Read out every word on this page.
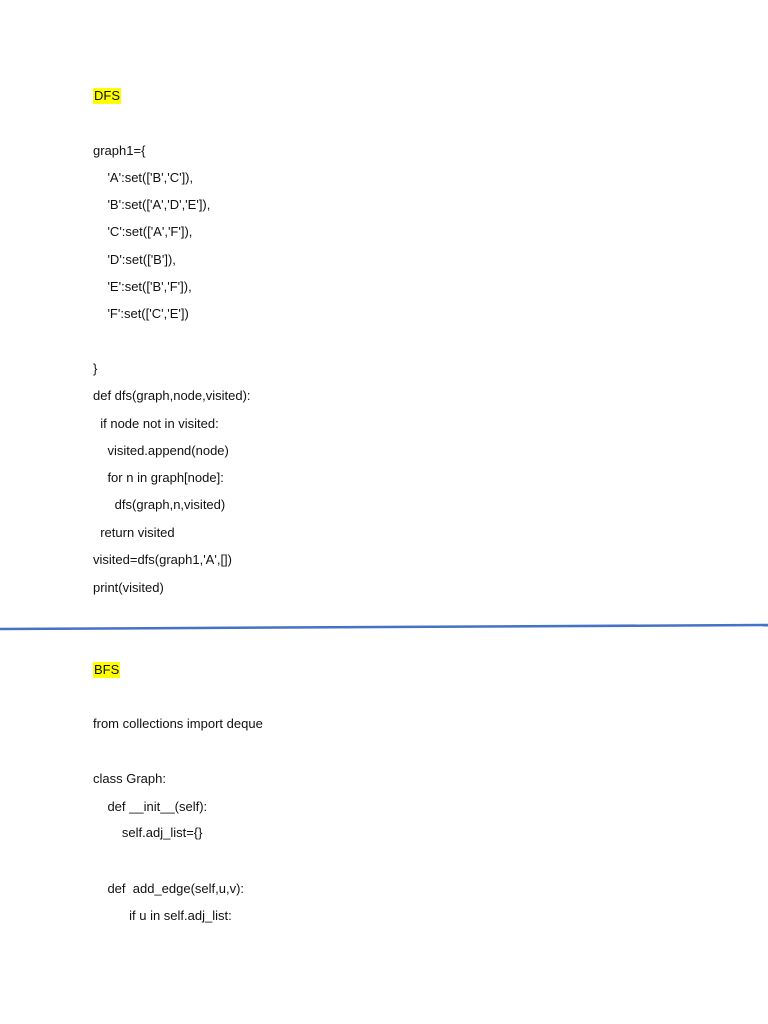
DFS
graph1={
'A':set(['B','C']),
'B':set(['A','D','E']),
'C':set(['A','F']),
'D':set(['B']),
'E':set(['B','F']),
'F':set(['C','E'])
}
def dfs(graph,node,visited):
if node not in visited:
visited.append(node)
for n in graph[node]:
dfs(graph,n,visited)
return visited
visited=dfs(graph1,'A',[])
print(visited)
BFS
from collections import deque
class Graph:
def __init__(self):
self.adj_list={}
def  add_edge(self,u,v):
if u in self.adj_list:
